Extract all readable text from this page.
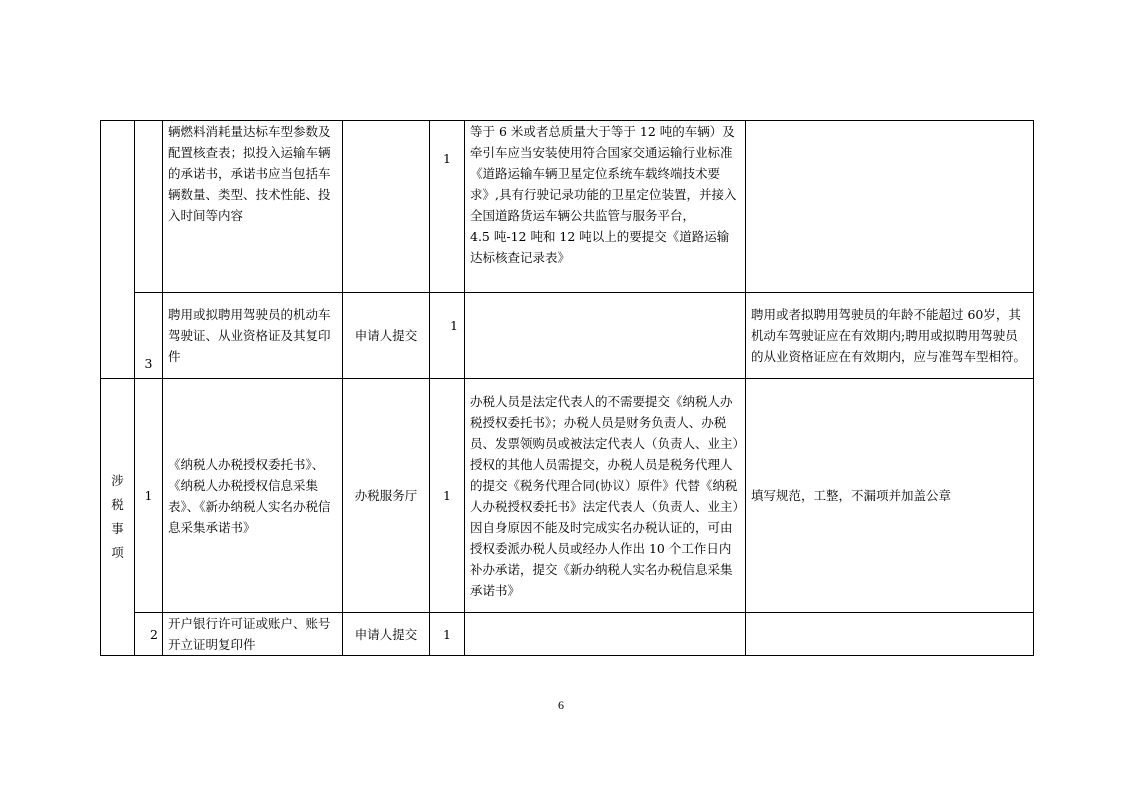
		辆燃料消耗量达标车型参数及配置核查表；拟投入运输车辆的承诺书，承诺书应当包括车辆数量、类型、技术性能、投入时间等内容		1	等于 6 米或者总质量大于等于 12 吨的车辆）及牵引车应当安装使用符合国家交通运输行业标准《道路运输车辆卫星定位系统车载终端技术要求》,具有行驶记录功能的卫星定位装置，并接入全国道路货运车辆公共监管与服务平台，
4.5 吨-12 吨和 12 吨以上的要提交《道路运输达标核查记录表》	
	3	聘用或拟聘用驾驶员的机动车驾驶证、从业资格证及其复印件	申请人提交	1		聘用或者拟聘用驾驶员的年龄不能超过 60岁，其机动车驾驶证应在有效期内;聘用或拟聘用驾驶员的从业资格证应在有效期内，应与准驾车型相符。

涉
税
事
项	1	《纳税人办税授权委托书》、《纳税人办税授权信息采集表》、《新办纳税人实名办税信息采集承诺书》	办税服务厅	1	办税人员是法定代表人的不需要提交《纳税人办税授权委托书》；办税人员是财务负责人、办税员、发票领购员或被法定代表人（负责人、业主）授权的其他人员需提交，办税人员是税务代理人的提交《税务代理合同(协议）原件》代替《纳税人办税授权委托书》法定代表人（负责人、业主）因自身原因不能及时完成实名办税认证的，可由授权委派办税人员或经办人作出 10 个工作日内补办承诺，提交《新办纳税人实名办税信息采集承诺书》	填写规范，工整，不漏项并加盖公章
	2	开户银行许可证或账户、账号开立证明复印件	申请人提交	1		
6
